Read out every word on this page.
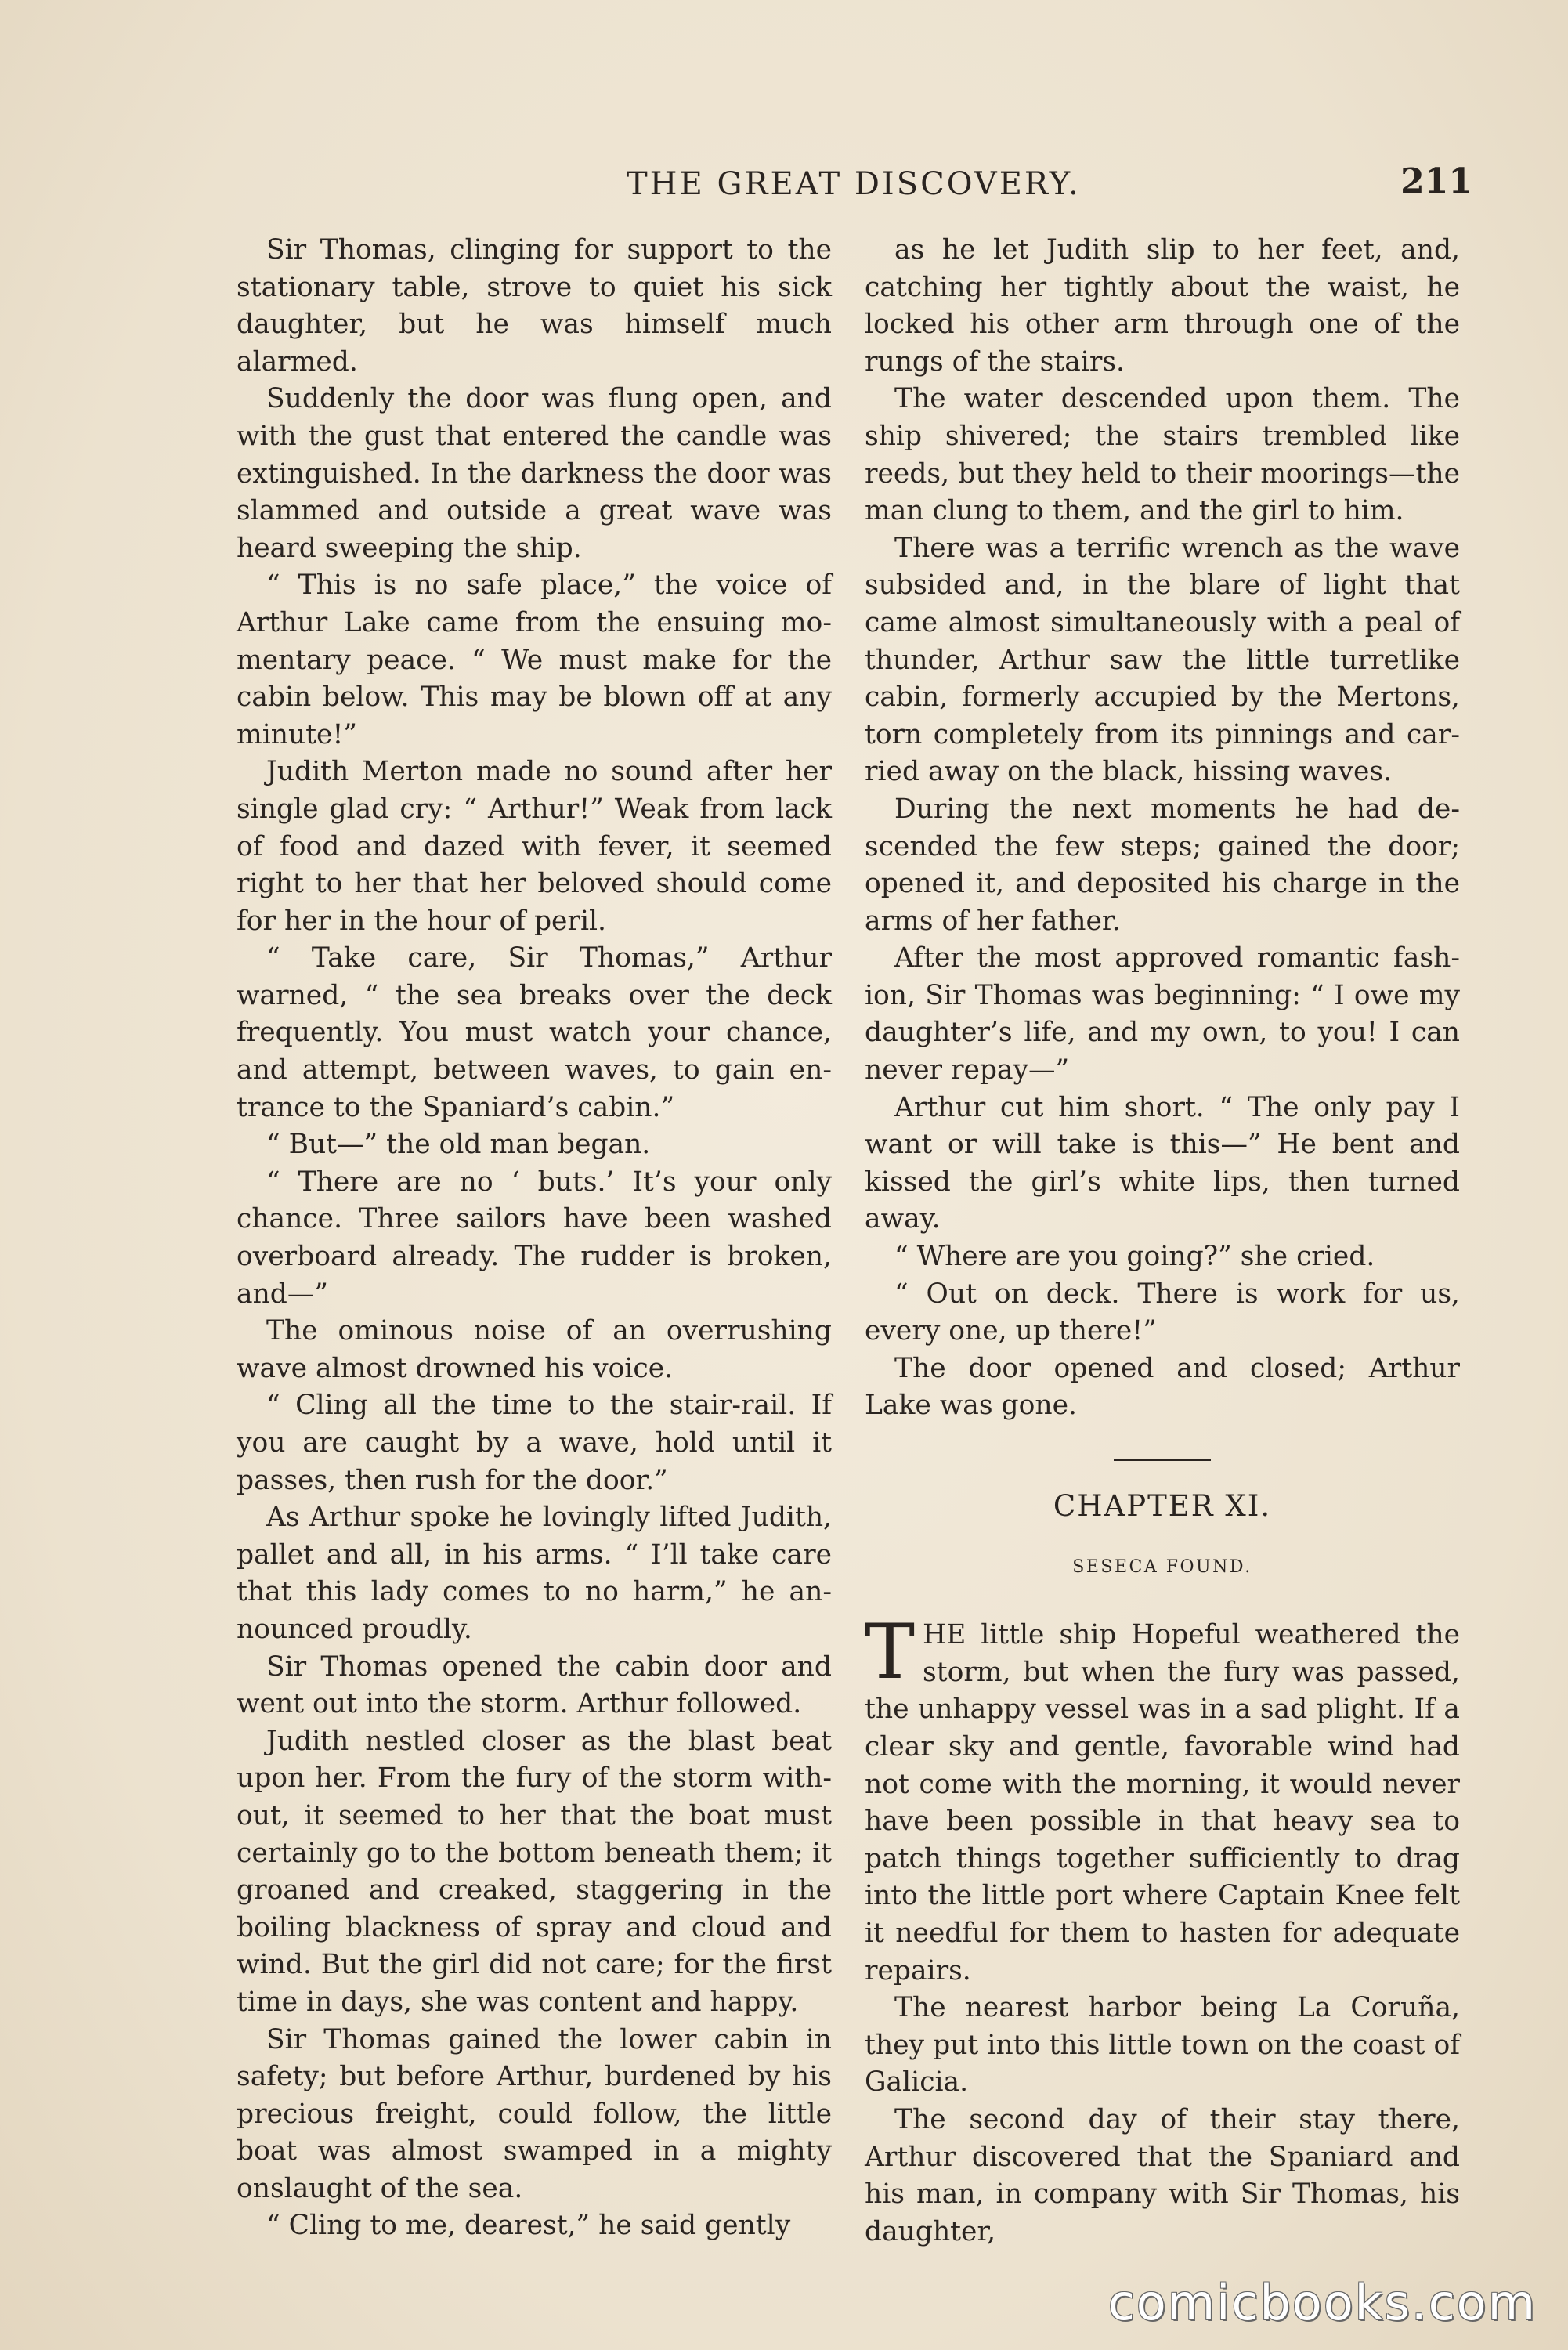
THE GREAT DISCOVERY.	211

Sir Thomas, clinging for support to the stationary table, strove to quiet his sick daughter, but he was himself much alarmed.

Suddenly the door was flung open, and with the gust that entered the candle was extinguished. In the darkness the door was slammed and outside a great wave was heard sweeping the ship.

“ This is no safe place,” the voice of Arthur Lake came from the ensuing momentary peace. “ We must make for the cabin below. This may be blown off at any minute!”

Judith Merton made no sound after her single glad cry: “ Arthur!” Weak from lack of food and dazed with fever, it seemed right to her that her beloved should come for her in the hour of peril.

“ Take care, Sir Thomas,” Arthur warned, “ the sea breaks over the deck frequently. You must watch your chance, and attempt, between waves, to gain entrance to the Spaniard’s cabin.”

“ But—” the old man began.

“ There are no ‘ buts.’ It’s your only chance. Three sailors have been washed overboard already. The rudder is broken, and—”

The ominous noise of an overrushing wave almost drowned his voice.

“ Cling all the time to the stair-rail. If you are caught by a wave, hold until it passes, then rush for the door.”

As Arthur spoke he lovingly lifted Judith, pallet and all, in his arms. “ I’ll take care that this lady comes to no harm,” he announced proudly.

Sir Thomas opened the cabin door and went out into the storm. Arthur followed.

Judith nestled closer as the blast beat upon her. From the fury of the storm without, it seemed to her that the boat must certainly go to the bottom beneath them; it groaned and creaked, staggering in the boiling blackness of spray and cloud and wind. But the girl did not care; for the first time in days, she was content and happy.

Sir Thomas gained the lower cabin in safety; but before Arthur, burdened by his precious freight, could follow, the little boat was almost swamped in a mighty onslaught of the sea.

“ Cling to me, dearest,” he said gently

as he let Judith slip to her feet, and, catching her tightly about the waist, he locked his other arm through one of the rungs of the stairs.

The water descended upon them. The ship shivered; the stairs trembled like reeds, but they held to their moorings—the man clung to them, and the girl to him.

There was a terrific wrench as the wave subsided and, in the blare of light that came almost simultaneously with a peal of thunder, Arthur saw the little turretlike cabin, formerly accupied by the Mertons, torn completely from its pinnings and carried away on the black, hissing waves.

During the next moments he had descended the few steps; gained the door; opened it, and deposited his charge in the arms of her father.

After the most approved romantic fashion, Sir Thomas was beginning: “ I owe my daughter’s life, and my own, to you! I can never repay—”

Arthur cut him short. “ The only pay I want or will take is this—” He bent and kissed the girl’s white lips, then turned away.

“ Where are you going?” she cried.

“ Out on deck. There is work for us, every one, up there!”

The door opened and closed; Arthur Lake was gone.

CHAPTER XI.
SESECA FOUND.

THE little ship Hopeful weathered the storm, but when the fury was passed, the unhappy vessel was in a sad plight. If a clear sky and gentle, favorable wind had not come with the morning, it would never have been possible in that heavy sea to patch things together sufficiently to drag into the little port where Captain Knee felt it needful for them to hasten for adequate repairs.

The nearest harbor being La Coruña, they put into this little town on the coast of Galicia.

The second day of their stay there, Arthur discovered that the Spaniard and his man, in company with Sir Thomas, his daughter,

comicbooks.com
